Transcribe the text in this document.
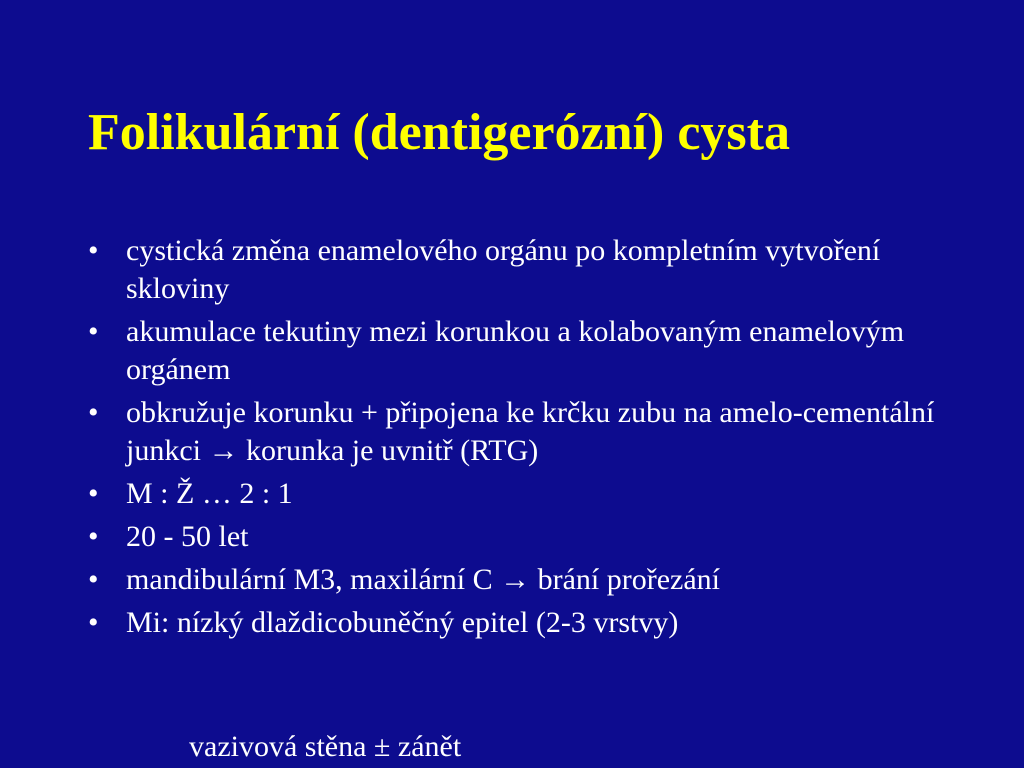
Folikulární (dentigerózní) cysta
• cystická změna enamelového orgánu po kompletním vytvoření skloviny
• akumulace tekutiny mezi korunkou a kolabovaným enamelovým orgánem
• obkružuje korunku + připojena ke krčku zubu na amelo-cementální junkci → korunka je uvnitř (RTG)
• M : Ž … 2 : 1
• 20 - 50 let
• mandibulární M3, maxilární C → brání prořezání
• Mi: nízký dlaždicobuněčný epitel (2-3 vrstvy)
vazivová stěna ± zánět
